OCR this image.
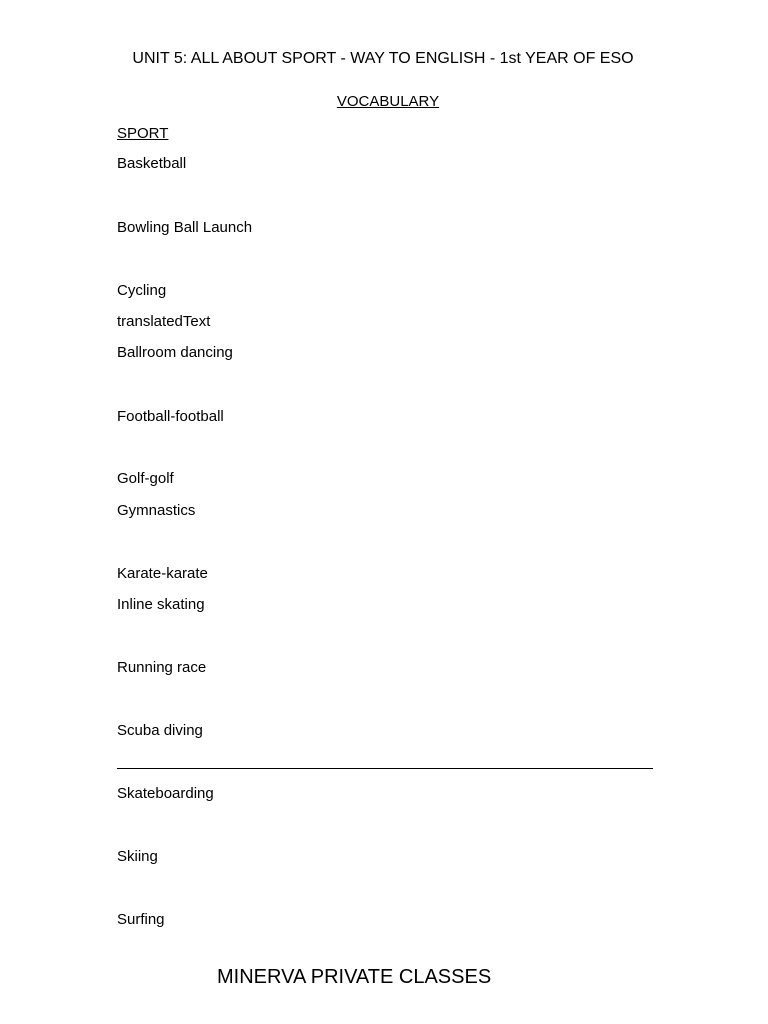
UNIT 5: ALL ABOUT SPORT - WAY TO ENGLISH - 1st YEAR OF ESO
VOCABULARY
SPORT
Basketball
Bowling Ball Launch
Cycling
translatedText
Ballroom dancing
Football-football
Golf-golf
Gymnastics
Karate-karate
Inline skating
Running race
Scuba diving
Skateboarding
Skiing
Surfing
MINERVA PRIVATE CLASSES
